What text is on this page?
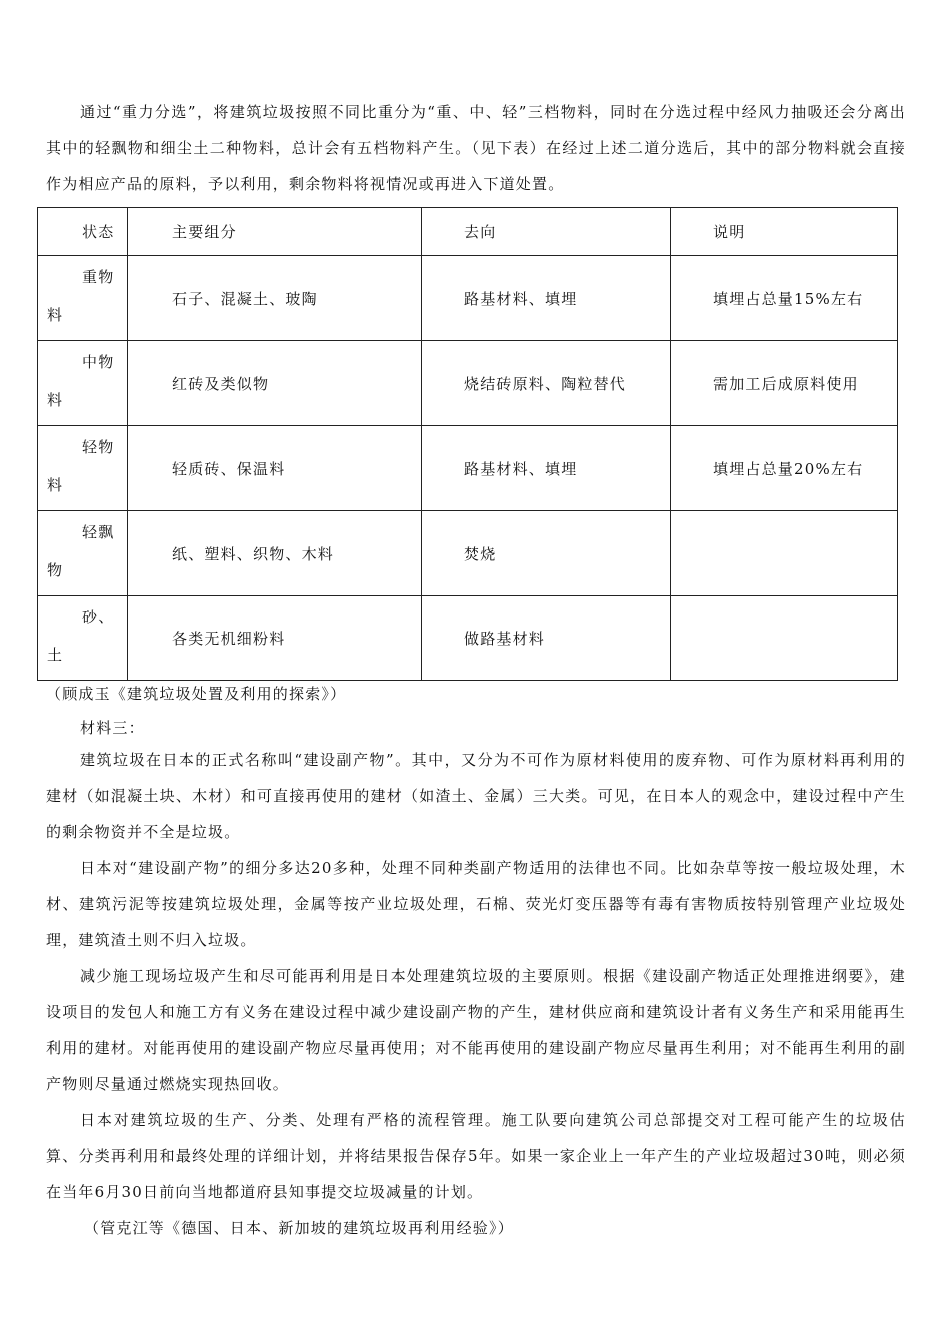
通过“重力分选”，将建筑垃圾按照不同比重分为“重、中、轻”三档物料，同时在分选过程中经风力抽吸还会分离出其中的轻飘物和细尘土二种物料，总计会有五档物料产生。（见下表）在经过上述二道分选后，其中的部分物料就会直接作为相应产品的原料，予以利用，剩余物料将视情况或再进入下道处置。

状态	主要组分	去向	说明

重物
料	石子、混凝土、玻陶	路基材料、填埋	填埋占总量15%左右

中物
料	红砖及类似物	烧结砖原料、陶粒替代	需加工后成原料使用

轻物
料	轻质砖、保温料	路基材料、填埋	填埋占总量20%左右

轻飘
物	纸、塑料、织物、木料	焚烧	

砂、
土	各类无机细粉料	做路基材料	

（顾成玉《建筑垃圾处置及利用的探索》）

材料三：

建筑垃圾在日本的正式名称叫“建设副产物”。其中，又分为不可作为原材料使用的废弃物、可作为原材料再利用的建材（如混凝土块、木材）和可直接再使用的建材（如渣土、金属）三大类。可见，在日本人的观念中，建设过程中产生的剩余物资并不全是垃圾。

日本对“建设副产物”的细分多达20多种，处理不同种类副产物适用的法律也不同。比如杂草等按一般垃圾处理，木材、建筑污泥等按建筑垃圾处理，金属等按产业垃圾处理，石棉、荧光灯变压器等有毒有害物质按特别管理产业垃圾处理，建筑渣土则不归入垃圾。

减少施工现场垃圾产生和尽可能再利用是日本处理建筑垃圾的主要原则。根据《建设副产物适正处理推进纲要》，建设项目的发包人和施工方有义务在建设过程中减少建设副产物的产生，建材供应商和建筑设计者有义务生产和采用能再生利用的建材。对能再使用的建设副产物应尽量再使用；对不能再使用的建设副产物应尽量再生利用；对不能再生利用的副产物则尽量通过燃烧实现热回收。

日本对建筑垃圾的生产、分类、处理有严格的流程管理。施工队要向建筑公司总部提交对工程可能产生的垃圾估算、分类再利用和最终处理的详细计划，并将结果报告保存5年。如果一家企业上一年产生的产业垃圾超过30吨，则必须在当年6月30日前向当地都道府县知事提交垃圾减量的计划。

（管克江等《德国、日本、新加坡的建筑垃圾再利用经验》）
